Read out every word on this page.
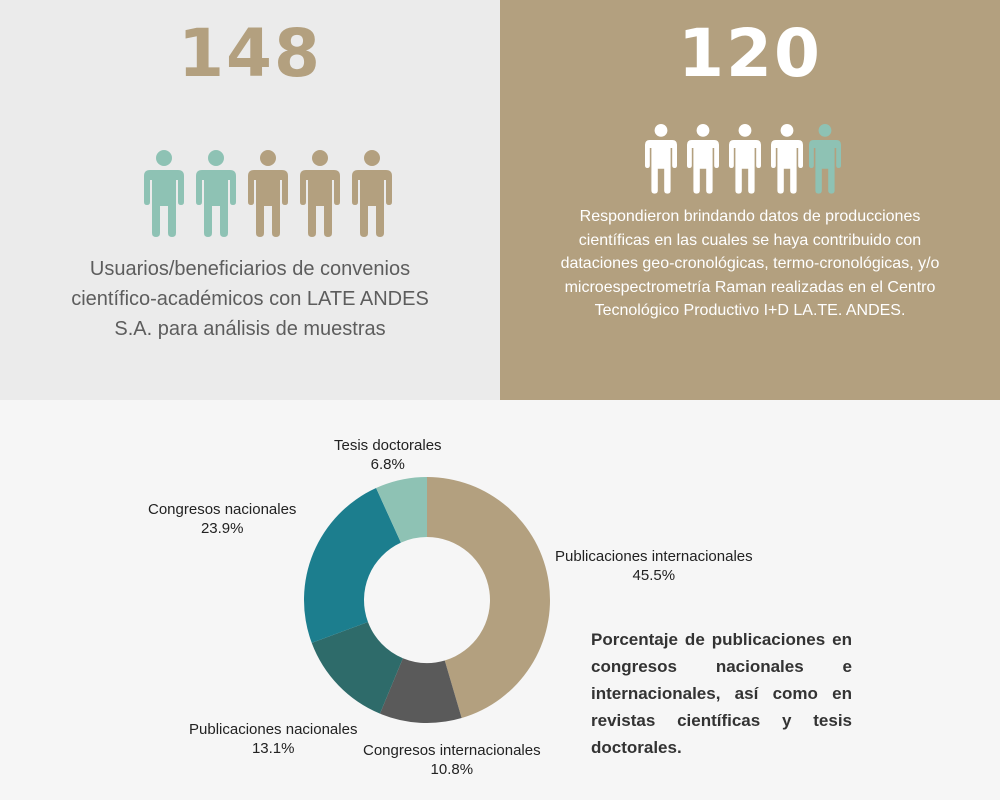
148
Usuarios/beneficiarios de convenios científico-académicos con LATE ANDES S.A. para análisis de muestras
120
Respondieron brindando datos de producciones científicas en las cuales se haya contribuido con dataciones geo-cronológicas, termo-cronológicas, y/o microespectrometría Raman realizadas en el Centro Tecnológico Productivo I+D LA.TE. ANDES.
Publicaciones internacionales
45.5%
Congresos internacionales
10.8%
Publicaciones nacionales
13.1%
Congresos nacionales
23.9%
Tesis doctorales
6.8%
Porcentaje de publicaciones en congresos nacionales e internacionales, así como en revistas científicas y tesis doctorales.
